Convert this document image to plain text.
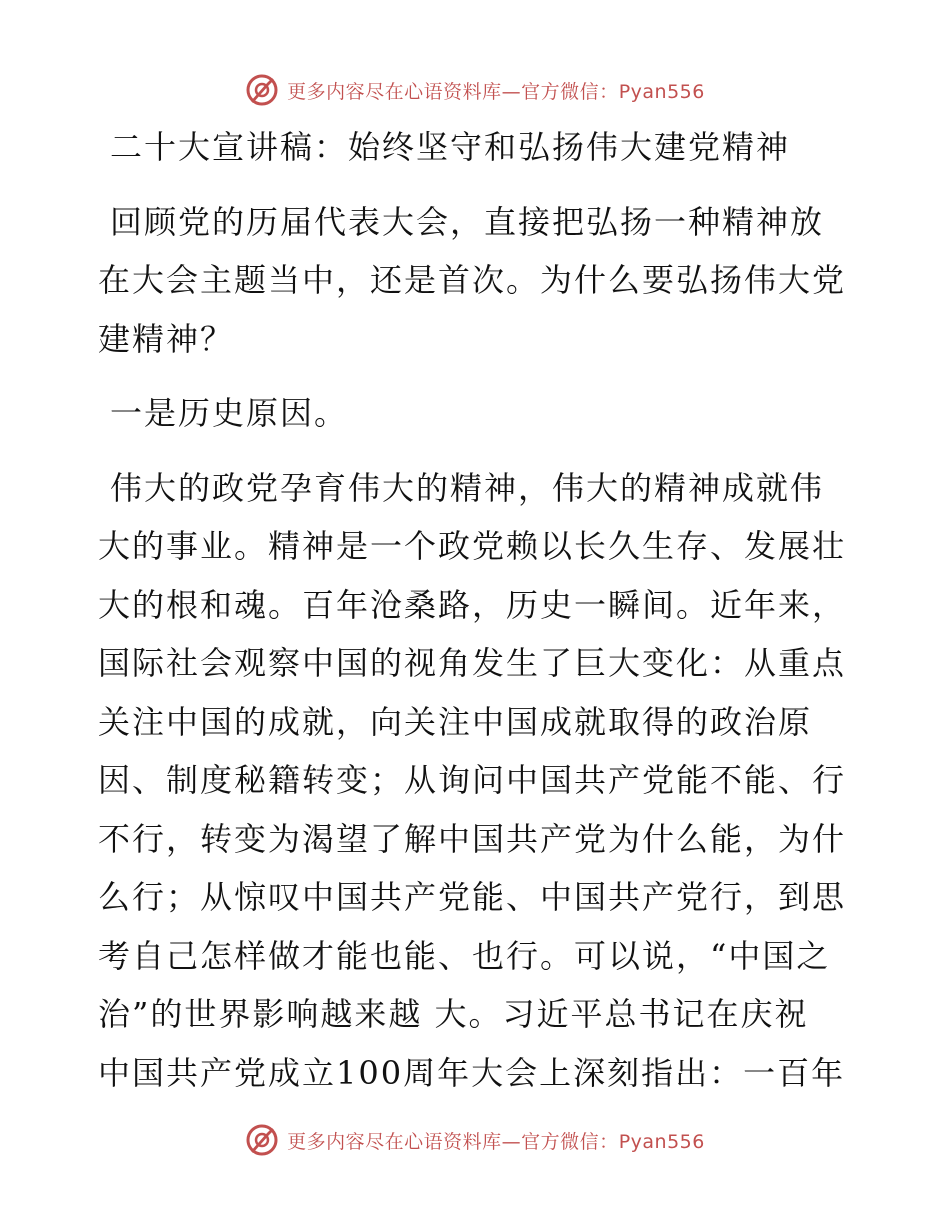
更多内容尽在心语资料库—官方微信：Pyan556
二十大宣讲稿：始终坚守和弘扬伟大建党精神
回顾党的历届代表大会，直接把弘扬一种精神放
在大会主题当中，还是首次。为什么要弘扬伟大党
建精神？
一是历史原因。
伟大的政党孕育伟大的精神，伟大的精神成就伟
大的事业。精神是一个政党赖以长久生存、发展壮
大的根和魂。百年沧桑路，历史一瞬间。近年来，
国际社会观察中国的视角发生了巨大变化：从重点
关注中国的成就，向关注中国成就取得的政治原
因、制度秘籍转变；从询问中国共产党能不能、行
不行，转变为渴望了解中国共产党为什么能，为什
么行；从惊叹中国共产党能、中国共产党行，到思
考自己怎样做才能也能、也行。可以说，“中国之
治”的世界影响越来越 大。习近平总书记在庆祝
中国共产党成立100周年大会上深刻指出：一百年
更多内容尽在心语资料库—官方微信：Pyan556
